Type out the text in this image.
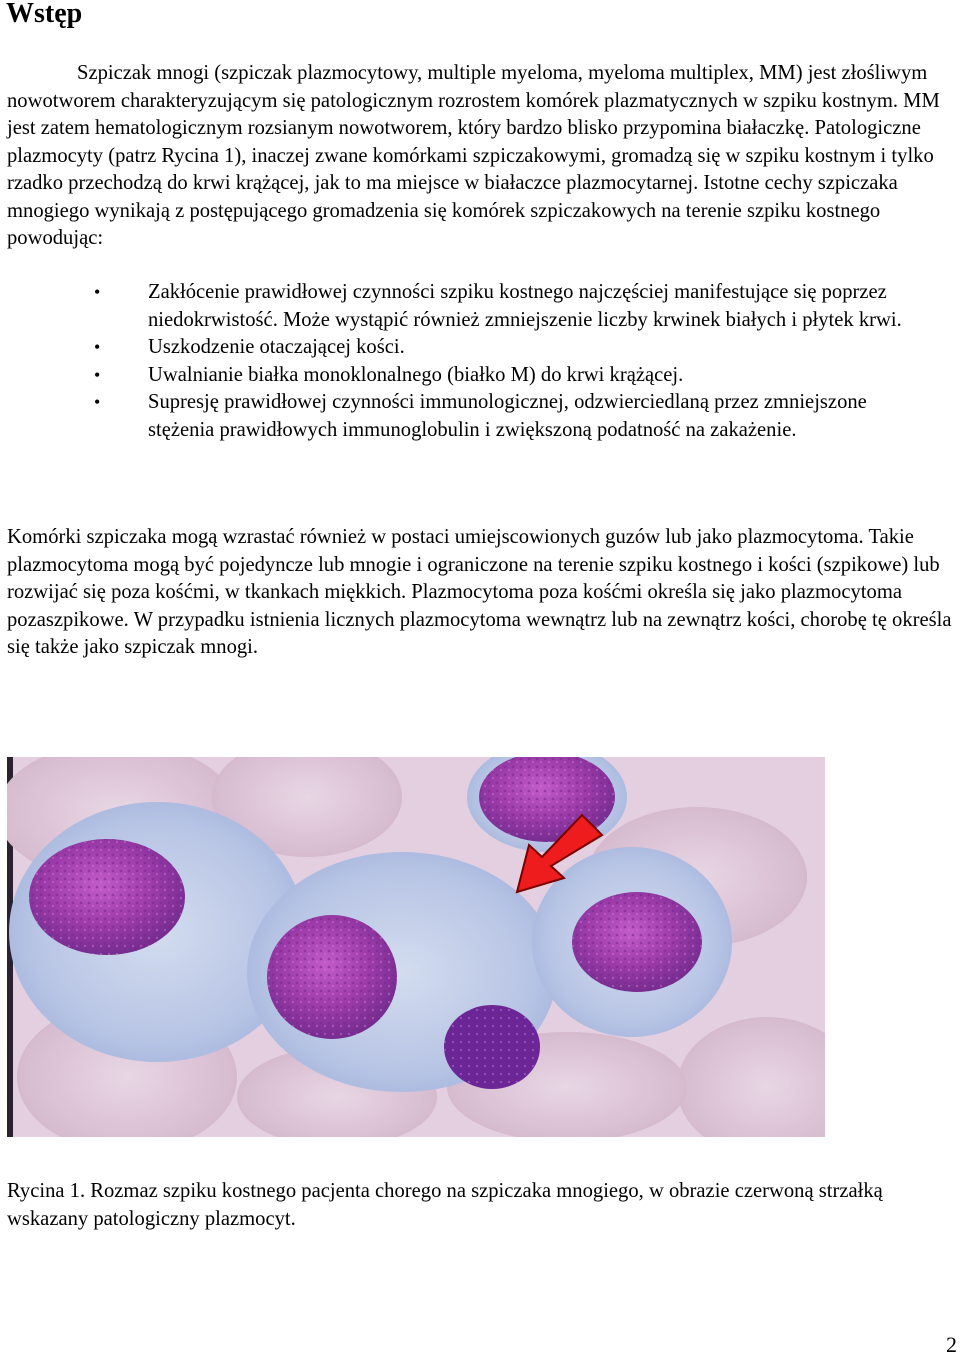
Wstęp

Szpiczak mnogi (szpiczak plazmocytowy, multiple myeloma, myeloma multiplex, MM) jest złośliwym nowotworem charakteryzującym się patologicznym rozrostem komórek plazmatycznych w szpiku kostnym. MM jest zatem hematologicznym rozsianym nowotworem, który bardzo blisko przypomina białaczkę. Patologiczne plazmocyty (patrz Rycina 1), inaczej zwane komórkami szpiczakowymi, gromadzą się w szpiku kostnym i tylko rzadko przechodzą do krwi krążącej, jak to ma miejsce w białaczce plazmocytarnej. Istotne cechy szpiczaka mnogiego wynikają z postępującego gromadzenia się komórek szpiczakowych na terenie szpiku kostnego powodując:

• Zakłócenie prawidłowej czynności szpiku kostnego najczęściej manifestujące się poprzez niedokrwistość. Może wystąpić również zmniejszenie liczby krwinek białych i płytek krwi.
• Uszkodzenie otaczającej kości.
• Uwalnianie białka monoklonalnego (białko M) do krwi krążącej.
• Supresję prawidłowej czynności immunologicznej, odzwierciedlaną przez zmniejszone stężenia prawidłowych immunoglobulin i zwiększoną podatność na zakażenie.

Komórki szpiczaka mogą wzrastać również w postaci umiejscowionych guzów lub jako plazmocytoma. Takie plazmocytoma mogą być pojedyncze lub mnogie i ograniczone na terenie szpiku kostnego i kości (szpikowe) lub rozwijać się poza kośćmi, w tkankach miękkich. Plazmocytoma poza kośćmi określa się jako plazmocytoma pozaszpikowe. W przypadku istnienia licznych plazmocytoma wewnątrz lub na zewnątrz kości, chorobę tę określa się także jako szpiczak mnogi.

Rycina 1. Rozmaz szpiku kostnego pacjenta chorego na szpiczaka mnogiego, w obrazie czerwoną strzałką wskazany patologiczny plazmocyt.

2
